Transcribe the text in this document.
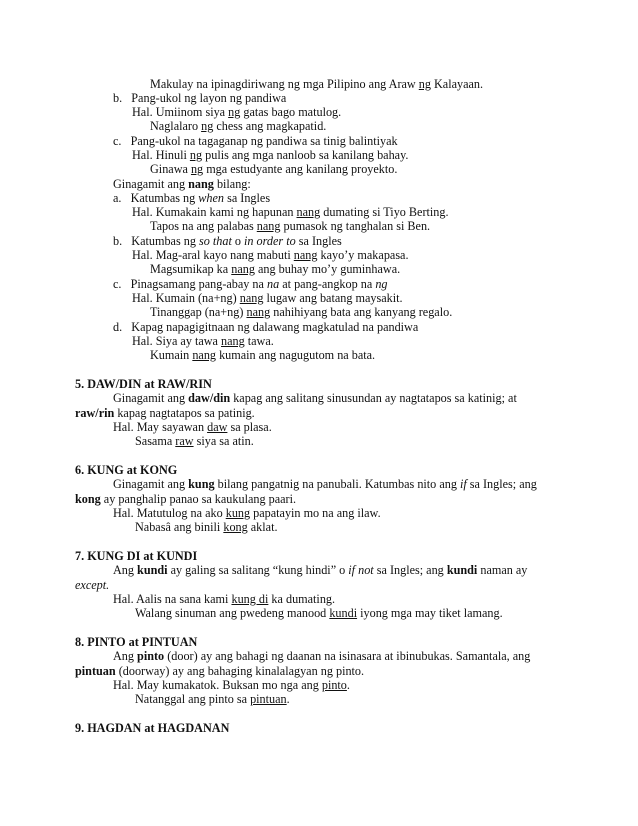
Makulay na ipinagdiriwang ng mga Pilipino ang Araw ng Kalayaan.
b.   Pang-ukol ng layon ng pandiwa
Hal. Umiinom siya ng gatas bago matulog.
Naglalaro ng chess ang magkapatid.
c.   Pang-ukol na tagaganap ng pandiwa sa tinig balintiyak
Hal. Hinuli ng pulis ang mga nanloob sa kanilang bahay.
Ginawa ng mga estudyante ang kanilang proyekto.
Ginagamit ang nang bilang:
a.   Katumbas ng when sa Ingles
Hal. Kumakain kami ng hapunan nang dumating si Tiyo Berting.
Tapos na ang palabas nang pumasok ng tanghalan si Ben.
b.   Katumbas ng so that o in order to sa Ingles
Hal. Mag-aral kayo nang mabuti nang kayo’y makapasa.
Magsumikap ka nang ang buhay mo’y guminhawa.
c.   Pinagsamang pang-abay na na at pang-angkop na ng
Hal. Kumain (na+ng) nang lugaw ang batang maysakit.
Tinanggap (na+ng) nang nahihiyang bata ang kanyang regalo.
d.   Kapag napagigitnaan ng dalawang magkatulad na pandiwa
Hal. Siya ay tawa nang tawa.
Kumain nang kumain ang nagugutom na bata.
5. DAW/DIN at RAW/RIN
Ginagamit ang daw/din kapag ang salitang sinusundan ay nagtatapos sa katinig; at
raw/rin kapag nagtatapos sa patinig.
Hal. May sayawan daw sa plasa.
Sasama raw siya sa atin.
6. KUNG at KONG
Ginagamit ang kung bilang pangatnig na panubali. Katumbas nito ang if sa Ingles; ang
kong ay panghalip panao sa kaukulang paari.
Hal. Matutulog na ako kung papatayin mo na ang ilaw.
Nabasâ ang binili kong aklat.
7. KUNG DI at KUNDI
Ang kundi ay galing sa salitang “kung hindi” o if not sa Ingles; ang kundi naman ay
except.
Hal. Aalis na sana kami kung di ka dumating.
Walang sinuman ang pwedeng manood kundi iyong mga may tiket lamang.
8. PINTO at PINTUAN
Ang pinto (door) ay ang bahagi ng daanan na isinasara at ibinubukas. Samantala, ang
pintuan (doorway) ay ang bahaging kinalalagyan ng pinto.
Hal. May kumakatok. Buksan mo nga ang pinto.
Natanggal ang pinto sa pintuan.
9. HAGDAN at HAGDANAN
